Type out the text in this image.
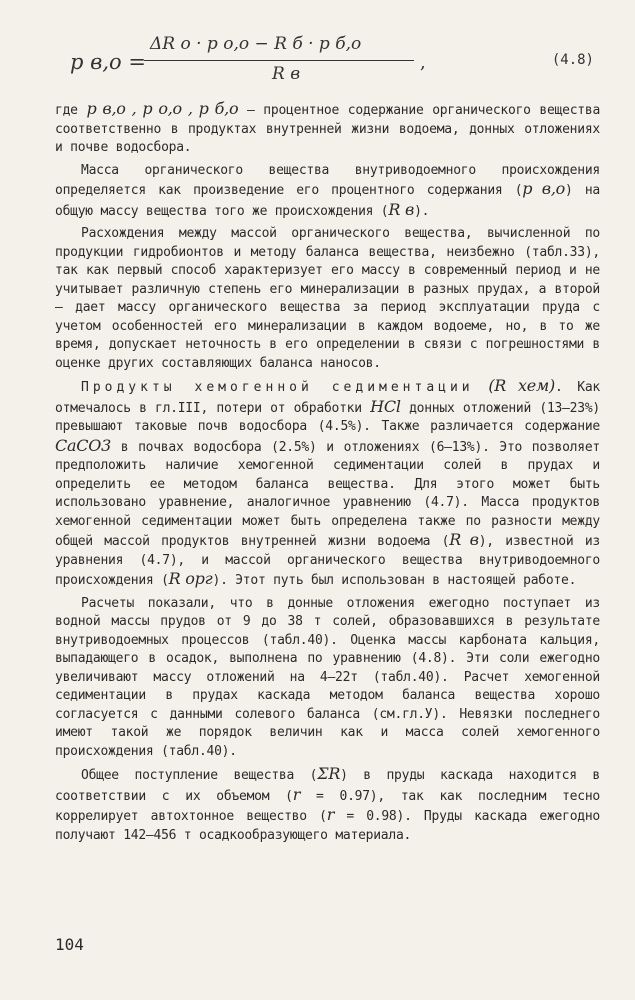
p в,о =
ΔR о · p о,о − R б · p б,о
R в
,	(4.8)

где p в,о , p о,о , p б,о – процентное содержание органического вещества соответственно в продуктах внутренней жизни водоема, донных отложениях и почве водосбора.

Масса органического вещества внутриводоемного происхождения определяется как произведение его процентного содержания (p в,о) на общую массу вещества того же происхождения (R в).

Расхождения между массой органического вещества, вычисленной по продукции гидробионтов и методу баланса вещества, неизбежно (табл.33), так как первый способ характеризует его массу в современный период и не учитывает различную степень его минерализации в разных прудах, а второй – дает массу органического вещества за период эксплуатации пруда с учетом особенностей его минерализации в каждом водоеме, но, в то же время, допускает неточность в его определении в связи с погрешностями в оценке других составляющих баланса наносов.

Продукты хемогенной седиментации (R хем). Как отмечалось в гл.III, потери от обработки HCl донных отложений (13–23%) превышают таковые почв водосбора (4.5%). Также различается содержание CaCO3 в почвах водосбора (2.5%) и отложениях (6–13%). Это позволяет предположить наличие хемогенной седиментации солей в прудах и определить ее методом баланса вещества. Для этого может быть использовано уравнение, аналогичное уравнению (4.7). Масса продуктов хемогенной седиментации может быть определена также по разности между общей массой продуктов внутренней жизни водоема (R в), известной из уравнения (4.7), и массой органического вещества внутриводоемного происхождения (R орг). Этот путь был использован в настоящей работе.

Расчеты показали, что в донные отложения ежегодно поступает из водной массы прудов от 9 до 38 т солей, образовавшихся в результате внутриводоемных процессов (табл.40). Оценка массы карбоната кальция, выпадающего в осадок, выполнена по уравнению (4.8). Эти соли ежегодно увеличивают массу отложений на 4–22т (табл.40). Расчет хемогенной седиментации в прудах каскада методом баланса вещества хорошо согласуется с данными солевого баланса (см.гл.У). Невязки последнего имеют такой же порядок величин как и масса солей хемогенного происхождения (табл.40).

Общее поступление вещества (ΣR) в пруды каскада находится в соответствии с их объемом (r = 0.97), так как последним тесно коррелирует автохтонное вещество (r = 0.98). Пруды каскада ежегодно получают 142–456 т осадкообразующего материала.

104
